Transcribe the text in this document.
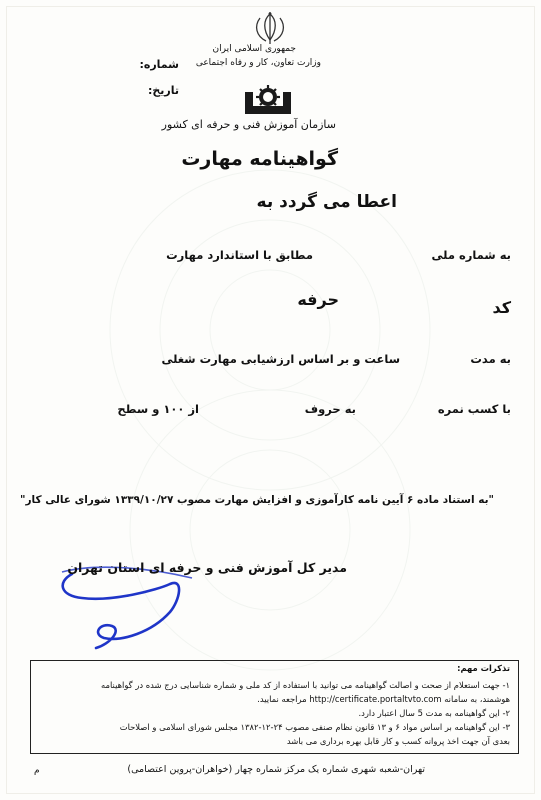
جمهوری اسلامی ایران
وزارت تعاون، کار و رفاه اجتماعی
شماره:
تاریخ:
سازمان آموزش فنی و حرفه ای کشور
گواهینامه مهارت
اعطا می گردد به
به شماره ملی
مطابق با استاندارد مهارت
کد
حرفه
به مدت
ساعت و بر اساس ارزشیابی مهارت شغلی
با کسب نمره
به حروف
از ۱۰۰ و سطح
"به استناد ماده ۶ آیین نامه کارآموزی و افزایش مهارت مصوب ۱۳۳۹/۱۰/۲۷ شورای عالی کار"
مدیر کل آموزش فنی و حرفه ای استان تهران
تذکرات مهم:
۱- جهت استعلام از صحت و اصالت گواهینامه می توانید با استفاده از کد ملی و شماره شناسایی درج شده در گواهینامه
هوشمند، به سامانه http://certificate.portaltvto.com مراجعه نمایید.
۲- این گواهینامه به مدت 5 سال اعتبار دارد.
۳- این گواهینامه بر اساس مواد ۶ و ۱۳ قانون نظام صنفی مصوب ۲۴-۱۲-۱۳۸۲ مجلس شورای اسلامی و اصلاحات
بعدی آن جهت اخذ پروانه کسب و کار قابل بهره برداری می باشد
تهران-شعبه شهری شماره یک مرکز شماره چهار (خواهران-پروین اعتصامی)
م
